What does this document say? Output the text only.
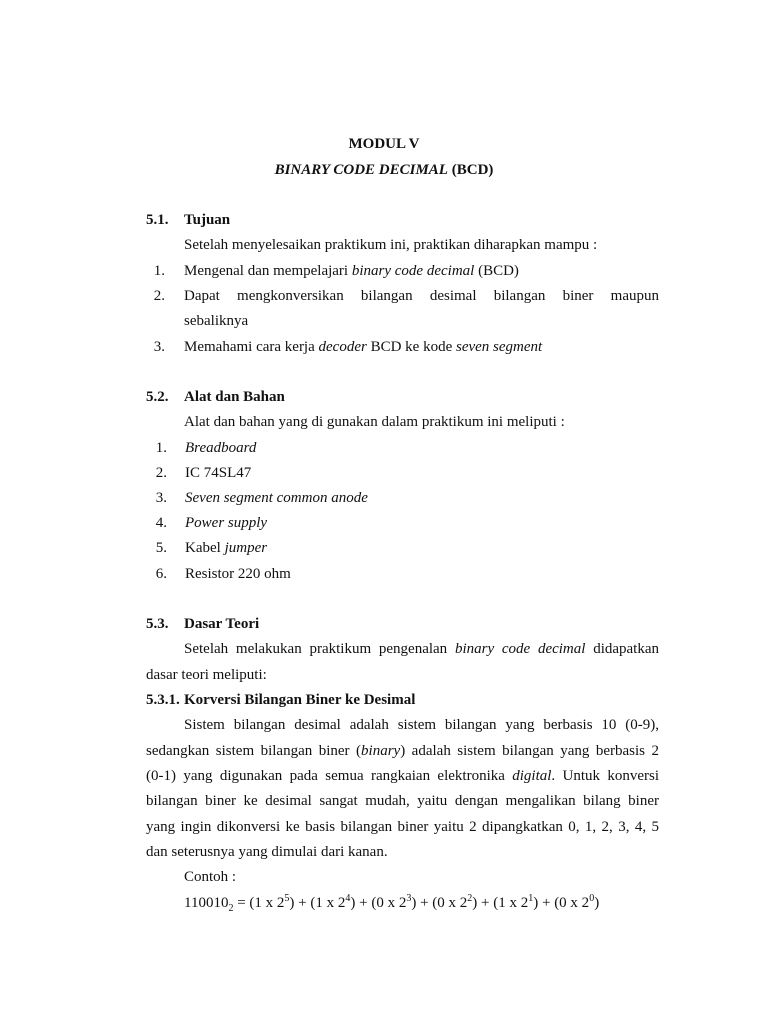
MODUL V
BINARY CODE DECIMAL (BCD)
5.1. Tujuan
Setelah menyelesaikan praktikum ini, praktikan diharapkan mampu :
1. Mengenal dan mempelajari binary code decimal (BCD)
2. Dapat mengkonversikan bilangan desimal bilangan biner maupun
sebaliknya
3. Memahami cara kerja decoder BCD ke kode seven segment
5.2. Alat dan Bahan
Alat dan bahan yang di gunakan dalam praktikum ini meliputi :
1. Breadboard
2. IC 74SL47
3. Seven segment common anode
4. Power supply
5. Kabel jumper
6. Resistor 220 ohm
5.3. Dasar Teori
Setelah melakukan praktikum pengenalan binary code decimal didapatkan
dasar teori meliputi:
5.3.1. Korversi Bilangan Biner ke Desimal
Sistem bilangan desimal adalah sistem bilangan yang berbasis 10 (0-9),
sedangkan sistem bilangan biner (binary) adalah sistem bilangan yang berbasis 2
(0-1) yang digunakan pada semua rangkaian elektronika digital. Untuk konversi
bilangan biner ke desimal sangat mudah, yaitu dengan mengalikan bilang biner
yang ingin dikonversi ke basis bilangan biner yaitu 2 dipangkatkan 0, 1, 2, 3, 4, 5
dan seterusnya yang dimulai dari kanan.
Contoh :
$110010_2 = (1$ x $2^5) + (1$ x $2^4) + (0$ x $2^3) + (0$ x $2^2) + (1$ x $2^1) + (0$ x $2^0$)
